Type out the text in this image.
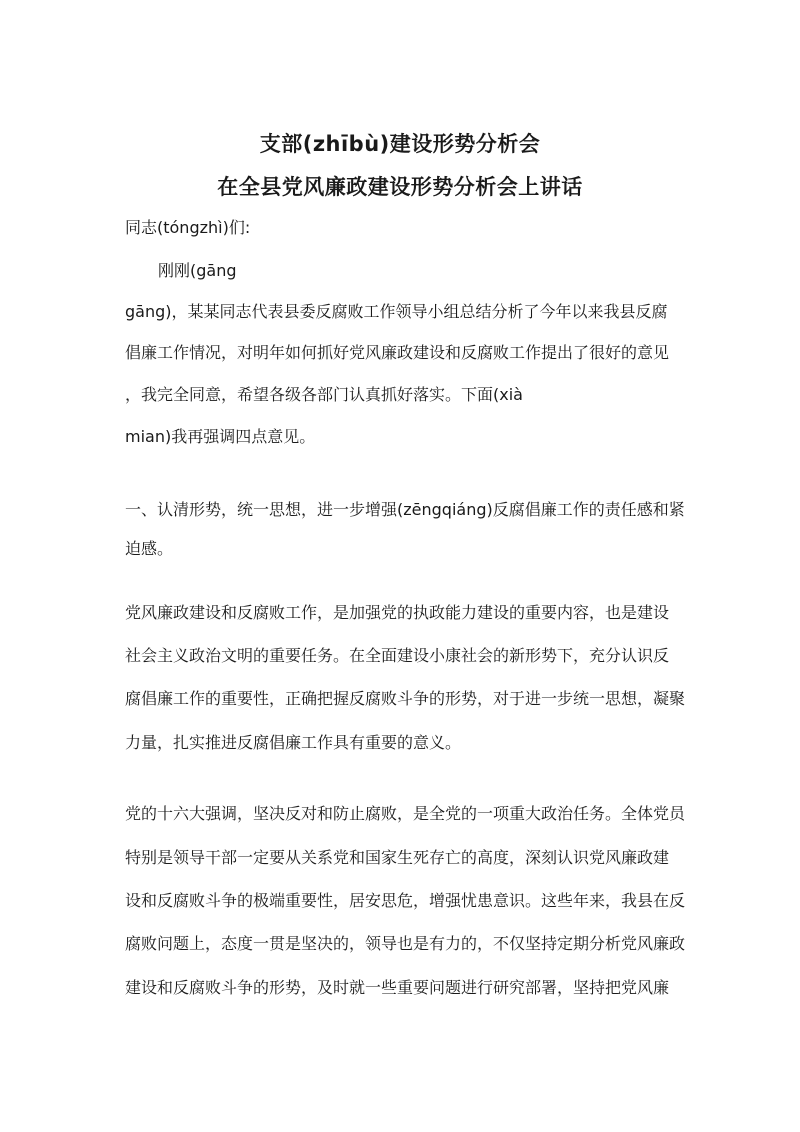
支部(zhībù)建设形势分析会
在全县党风廉政建设形势分析会上讲话
同志(tóngzhì)们:
刚刚(gāng
gāng)，某某同志代表县委反腐败工作领导小组总结分析了今年以来我县反腐
倡廉工作情况，对明年如何抓好党风廉政建设和反腐败工作提出了很好的意见
，我完全同意，希望各级各部门认真抓好落实。下面(xià
mian)我再强调四点意见。
一、认清形势，统一思想，进一步增强(zēngqiáng)反腐倡廉工作的责任感和紧
迫感。
党风廉政建设和反腐败工作，是加强党的执政能力建设的重要内容，也是建设
社会主义政治文明的重要任务。在全面建设小康社会的新形势下，充分认识反
腐倡廉工作的重要性，正确把握反腐败斗争的形势，对于进一步统一思想，凝聚
力量，扎实推进反腐倡廉工作具有重要的意义。
党的十六大强调，坚决反对和防止腐败，是全党的一项重大政治任务。全体党员
特别是领导干部一定要从关系党和国家生死存亡的高度，深刻认识党风廉政建
设和反腐败斗争的极端重要性，居安思危，增强忧患意识。这些年来，我县在反
腐败问题上，态度一贯是坚决的，领导也是有力的，不仅坚持定期分析党风廉政
建设和反腐败斗争的形势，及时就一些重要问题进行研究部署，坚持把党风廉
